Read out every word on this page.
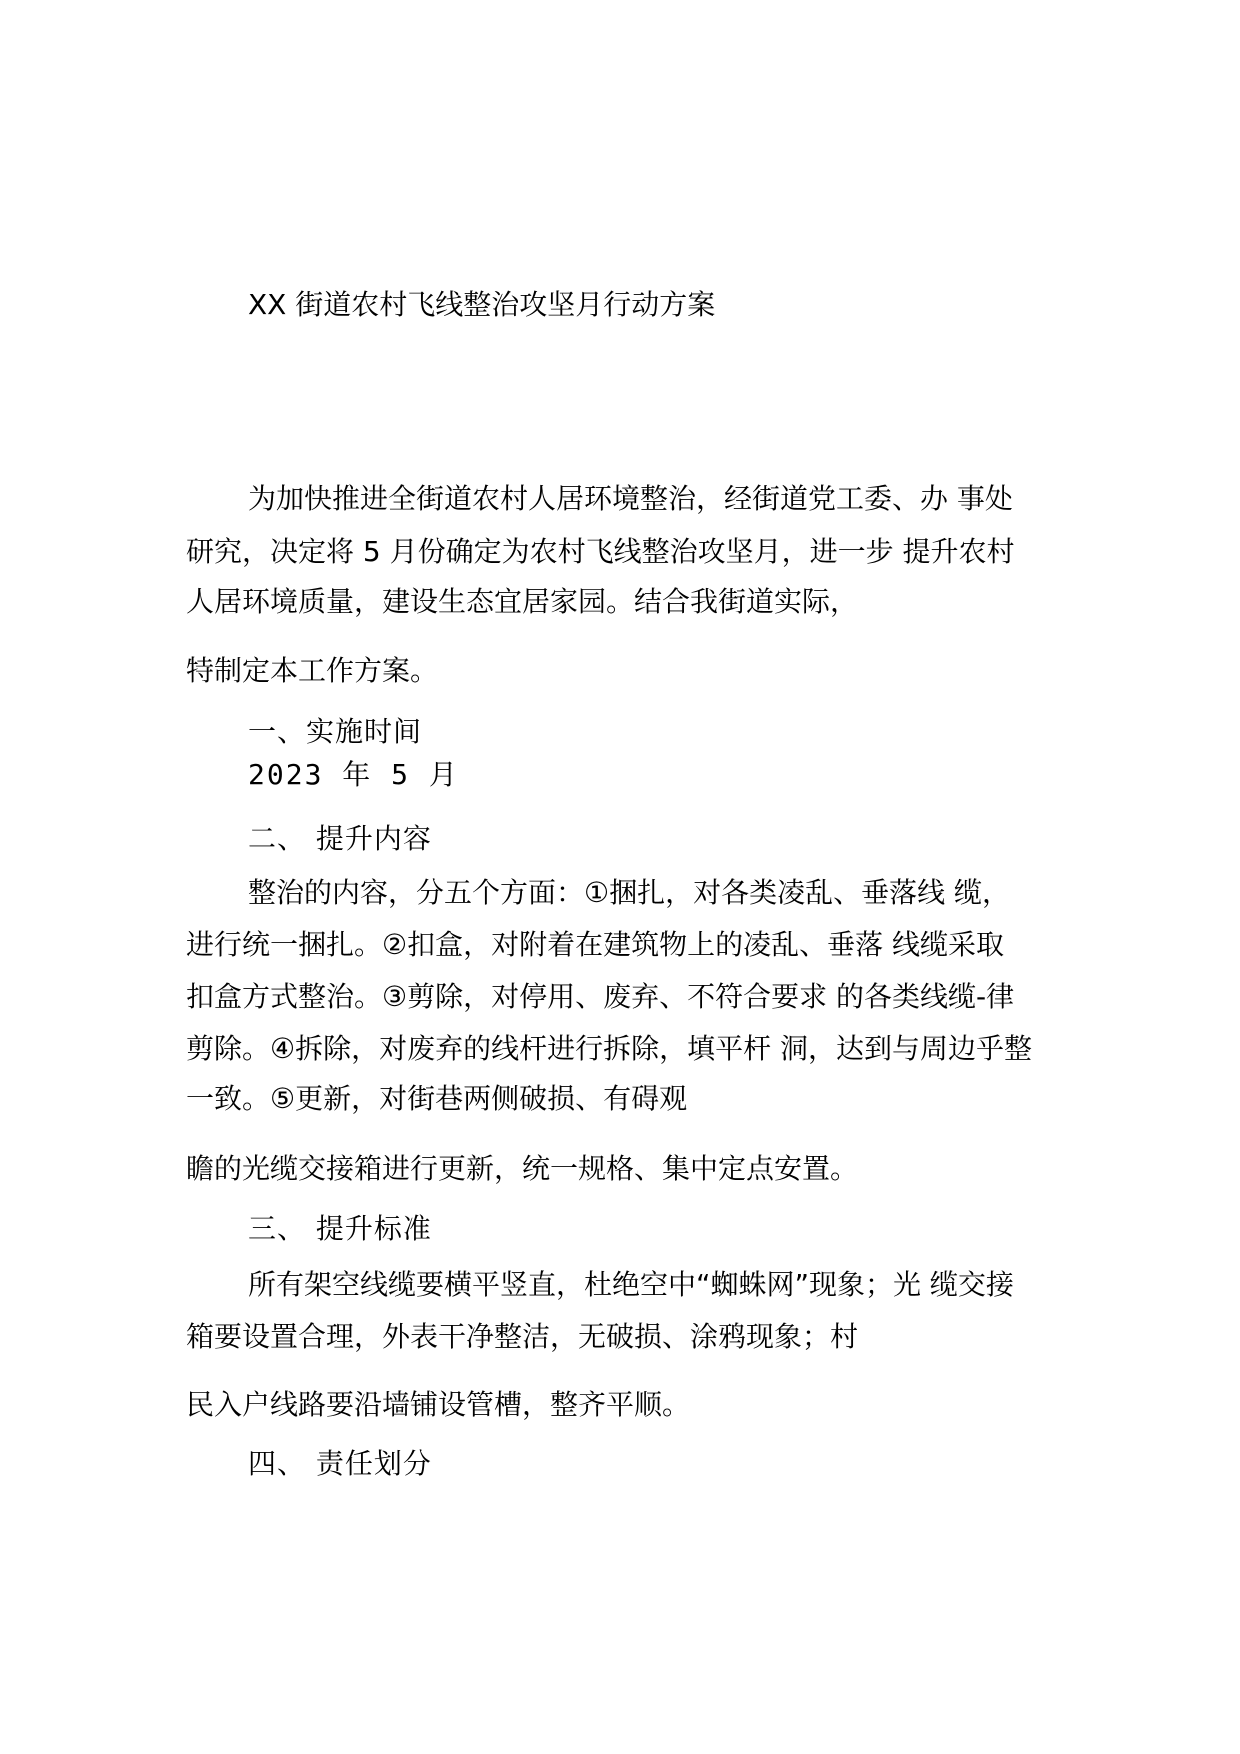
XX 街道农村飞线整治攻坚月行动方案
为加快推进全街道农村人居环境整治，经街道党工委、办 事处
研究，决定将 5 月份确定为农村飞线整治攻坚月，进一步 提升农村
人居环境质量，建设生态宜居家园。结合我街道实际，
特制定本工作方案。
一、实施时间
2023 年 5 月
二、 提升内容
整治的内容，分五个方面：①捆扎，对各类凌乱、垂落线 缆，
进行统一捆扎。②扣盒，对附着在建筑物上的凌乱、垂落 线缆采取
扣盒方式整治。③剪除，对停用、废弃、不符合要求 的各类线缆-律
剪除。④拆除，对废弃的线杆进行拆除，填平杆 洞，达到与周边乎整
一致。⑤更新，对街巷两侧破损、有碍观
瞻的光缆交接箱进行更新，统一规格、集中定点安置。
三、 提升标准
所有架空线缆要横平竖直，杜绝空中“蜘蛛网”现象；光 缆交接
箱要设置合理，外表干净整洁，无破损、涂鸦现象；村
民入户线路要沿墙铺设管槽，整齐平顺。
四、 责任划分
